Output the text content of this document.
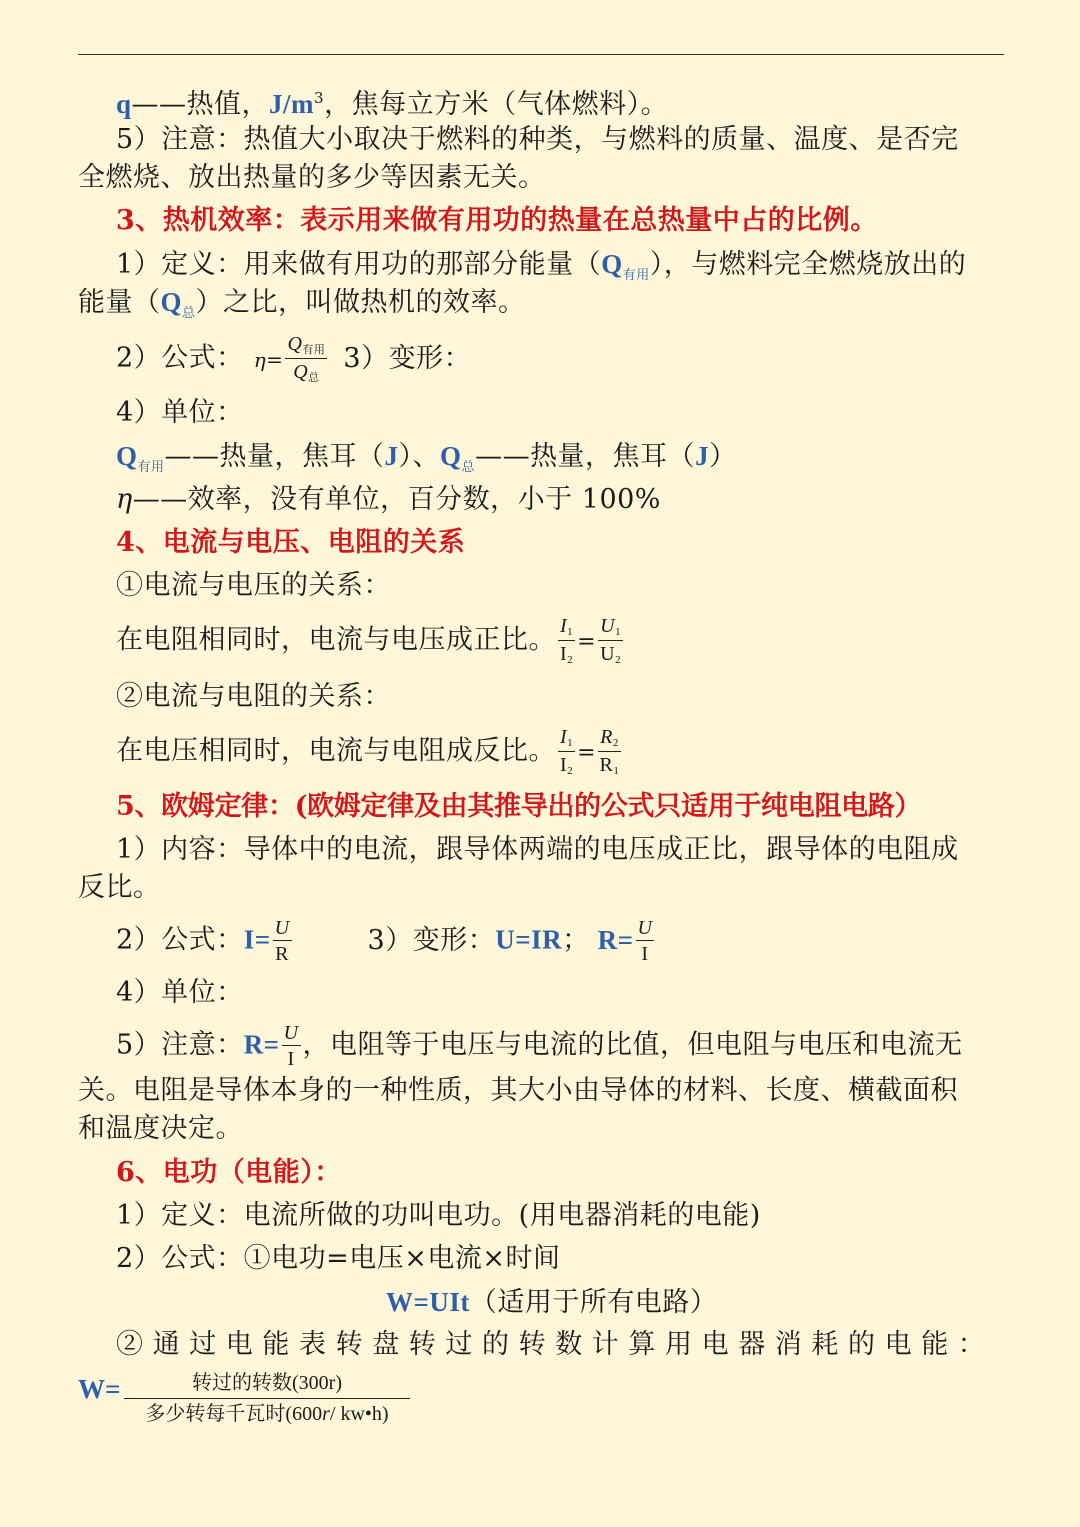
q——热值，$J/m^3$，焦每立方米（气体燃料）。
5）注意：热值大小取决于燃料的种类，与燃料的质量、温度、是否完
全燃烧、放出热量的多少等因素无关。
3、热机效率：表示用来做有用功的热量在总热量中占的比例。
1）定义：用来做有用功的那部分能量$(Q_{有用})$，与燃料完全燃烧放出的
能量$(Q_总)$之比，叫做热机的效率。
2）公式： $\eta= \frac{\text{Q有用}}{\text{Q总}} 3$）变形：
4）单位：
$Q_{有用}——$热量，焦耳（J）、$Q_总——$热量，焦耳（J）
η——效率，没有单位，百分数，小于 100%
4、电流与电压、电阻的关系
①电流与电压的关系：
在电阻相同时，电流与电压成正比。 $\frac{I1}{I2} = \frac{U1}{U2}$
②电流与电阻的关系：
在电压相同时，电流与电阻成反比。 $\frac{I1}{I2} = \frac{R2}{R1}$
5、欧姆定律：(欧姆定律及由其推导出的公式只适用于纯电阻电路）
1）内容：导体中的电流，跟导体两端的电压成正比，跟导体的电阻成
反比。
2）公式：$I= \frac{U}{R}$	3）变形：U=IR； $R= \frac{U}{I}$
4）单位：
5）注意：$R= \frac{U}{I}$ ，电阻等于电压与电流的比值，但电阻与电压和电流无
关。电阻是导体本身的一种性质，其大小由导体的材料、长度、横截面积
和温度决定。
6、电功（电能）：
1）定义：电流所做的功叫电功。(用电器消耗的电能)
2）公式：①电功=电压×电流×时间
W=UIt（适用于所有电路）
②通过电能表转盘转过的转数计算用电器消耗的电能：
W=	转过的转数(300r)
多少转每千瓦时(600r/ kw•h)
